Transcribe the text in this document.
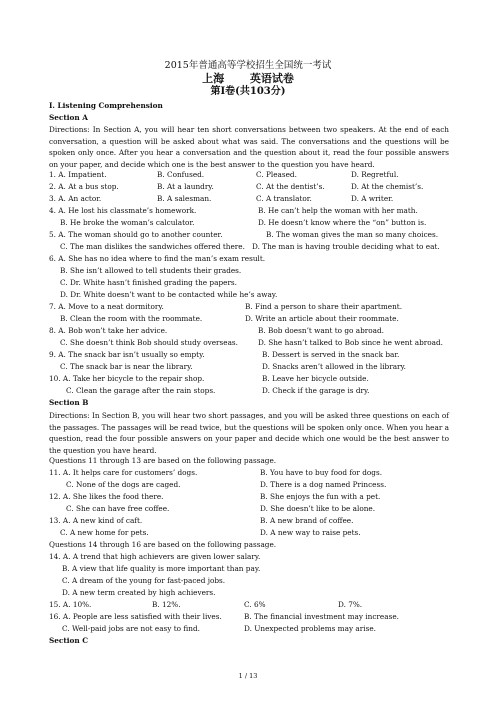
2015年普通高等学校招生全国统一考试
上海 英语试卷
第Ⅰ卷(共103分)
I. Listening Comprehension
Section A
Directions: In Section A, you will hear ten short conversations between two speakers. At the end of each conversation, a question will be asked about what was said. The conversations and the questions will be spoken only once. After you hear a conversation and the question about it, read the four possible answers on your paper, and decide which one is the best answer to the question you have heard.
1. A. Impatient.	B. Confused.	C. Pleased.	D. Regretful.
2. A. At a bus stop.	B. At a laundry.	C. At the dentist’s.	D. At the chemist’s.
3. A. An actor.	B. A salesman.	C. A translator.	D. A writer.
4. A. He lost his classmate’s homework.	B. He can’t help the woman with her math.
B. He broke the woman’s calculator.	D. He doesn’t know where the “on” button is.
5. A. The woman should go to another counter.	B. The woman gives the man so many choices.
C. The man dislikes the sandwiches offered there. D. The man is having trouble deciding what to eat.
6. A. She has no idea where to find the man’s exam result.
B. She isn’t allowed to tell students their grades.
C. Dr. White hasn’t finished grading the papers.
D. Dr. White doesn’t want to be contacted while he’s away.
7. A. Move to a neat dormitory.	B. Find a person to share their apartment.
B. Clean the room with the roommate.	D. Write an article about their roommate.
8. A. Bob won’t take her advice.	B. Bob doesn’t want to go abroad.
C. She doesn’t think Bob should study overseas.	D. She hasn’t talked to Bob since he went abroad.
9. A. The snack bar isn’t usually so empty.	B. Dessert is served in the snack bar.
C. The snack bar is near the library.	D. Snacks aren’t allowed in the library.
10. A. Take her bicycle to the repair shop.	B. Leave her bicycle outside.
C. Clean the garage after the rain stops.	D. Check if the garage is dry.
Section B
Directions: In Section B, you will hear two short passages, and you will be asked three questions on each of the passages. The passages will be read twice, but the questions will be spoken only once. When you hear a question, read the four possible answers on your paper and decide which one would be the best answer to the question you have heard.
Questions 11 through 13 are based on the following passage.
11. A. It helps care for customers’ dogs.	B. You have to buy food for dogs.
C. None of the dogs are caged.	D. There is a dog named Princess.
12. A. She likes the food there.	B. She enjoys the fun with a pet.
C. She can have free coffee.	D. She doesn’t like to be alone.
13. A. A new kind of caft.	B. A new brand of coffee.
C. A new home for pets.	D. A new way to raise pets.
Questions 14 through 16 are based on the following passage.
14. A. A trend that high achievers are given lower salary.
B. A view that life quality is more important than pay.
C. A dream of the young for fast-paced jobs.
D. A new term created by high achievers.
15. A. 10%.	B. 12%.	C. 6%	D. 7%.
16. A. People are less satisfied with their lives.	B. The financial investment may increase.
C. Well-paid jobs are not easy to find.	D. Unexpected problems may arise.
Section C
1 / 13
